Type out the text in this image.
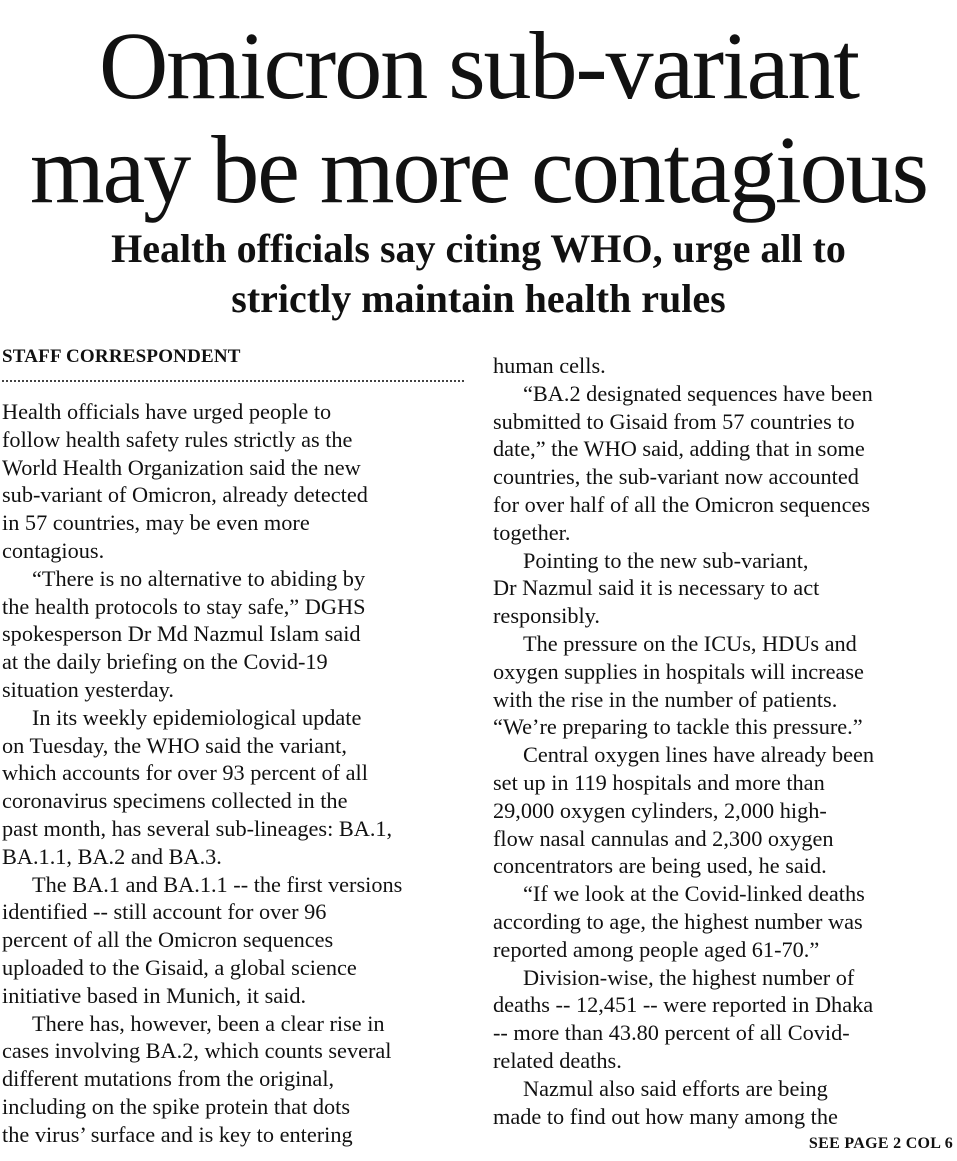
Omicron sub-variant
may be more contagious
Health officials say citing WHO, urge all to
strictly maintain health rules
STAFF CORRESPONDENT

Health officials have urged people to
follow health safety rules strictly as the
World Health Organization said the new
sub-variant of Omicron, already detected
in 57 countries, may be even more
contagious.

“There is no alternative to abiding by
the health protocols to stay safe,” DGHS
spokesperson Dr Md Nazmul Islam said
at the daily briefing on the Covid-19
situation yesterday.

In its weekly epidemiological update
on Tuesday, the WHO said the variant,
which accounts for over 93 percent of all
coronavirus specimens collected in the
past month, has several sub-lineages: BA.1,
BA.1.1, BA.2 and BA.3.

The BA.1 and BA.1.1 -- the first versions
identified -- still account for over 96
percent of all the Omicron sequences
uploaded to the Gisaid, a global science
initiative based in Munich, it said.

There has, however, been a clear rise in
cases involving BA.2, which counts several
different mutations from the original,
including on the spike protein that dots
the virus’ surface and is key to entering

human cells.

“BA.2 designated sequences have been
submitted to Gisaid from 57 countries to
date,” the WHO said, adding that in some
countries, the sub-variant now accounted
for over half of all the Omicron sequences
together.

Pointing to the new sub-variant,
Dr Nazmul said it is necessary to act
responsibly.

The pressure on the ICUs, HDUs and
oxygen supplies in hospitals will increase
with the rise in the number of patients.
“We’re preparing to tackle this pressure.”

Central oxygen lines have already been
set up in 119 hospitals and more than
29,000 oxygen cylinders, 2,000 high-
flow nasal cannulas and 2,300 oxygen
concentrators are being used, he said.

“If we look at the Covid-linked deaths
according to age, the highest number was
reported among people aged 61-70.”

Division-wise, the highest number of
deaths -- 12,451 -- were reported in Dhaka
-- more than 43.80 percent of all Covid-
related deaths.

Nazmul also said efforts are being
made to find out how many among the

SEE PAGE 2 COL 6
